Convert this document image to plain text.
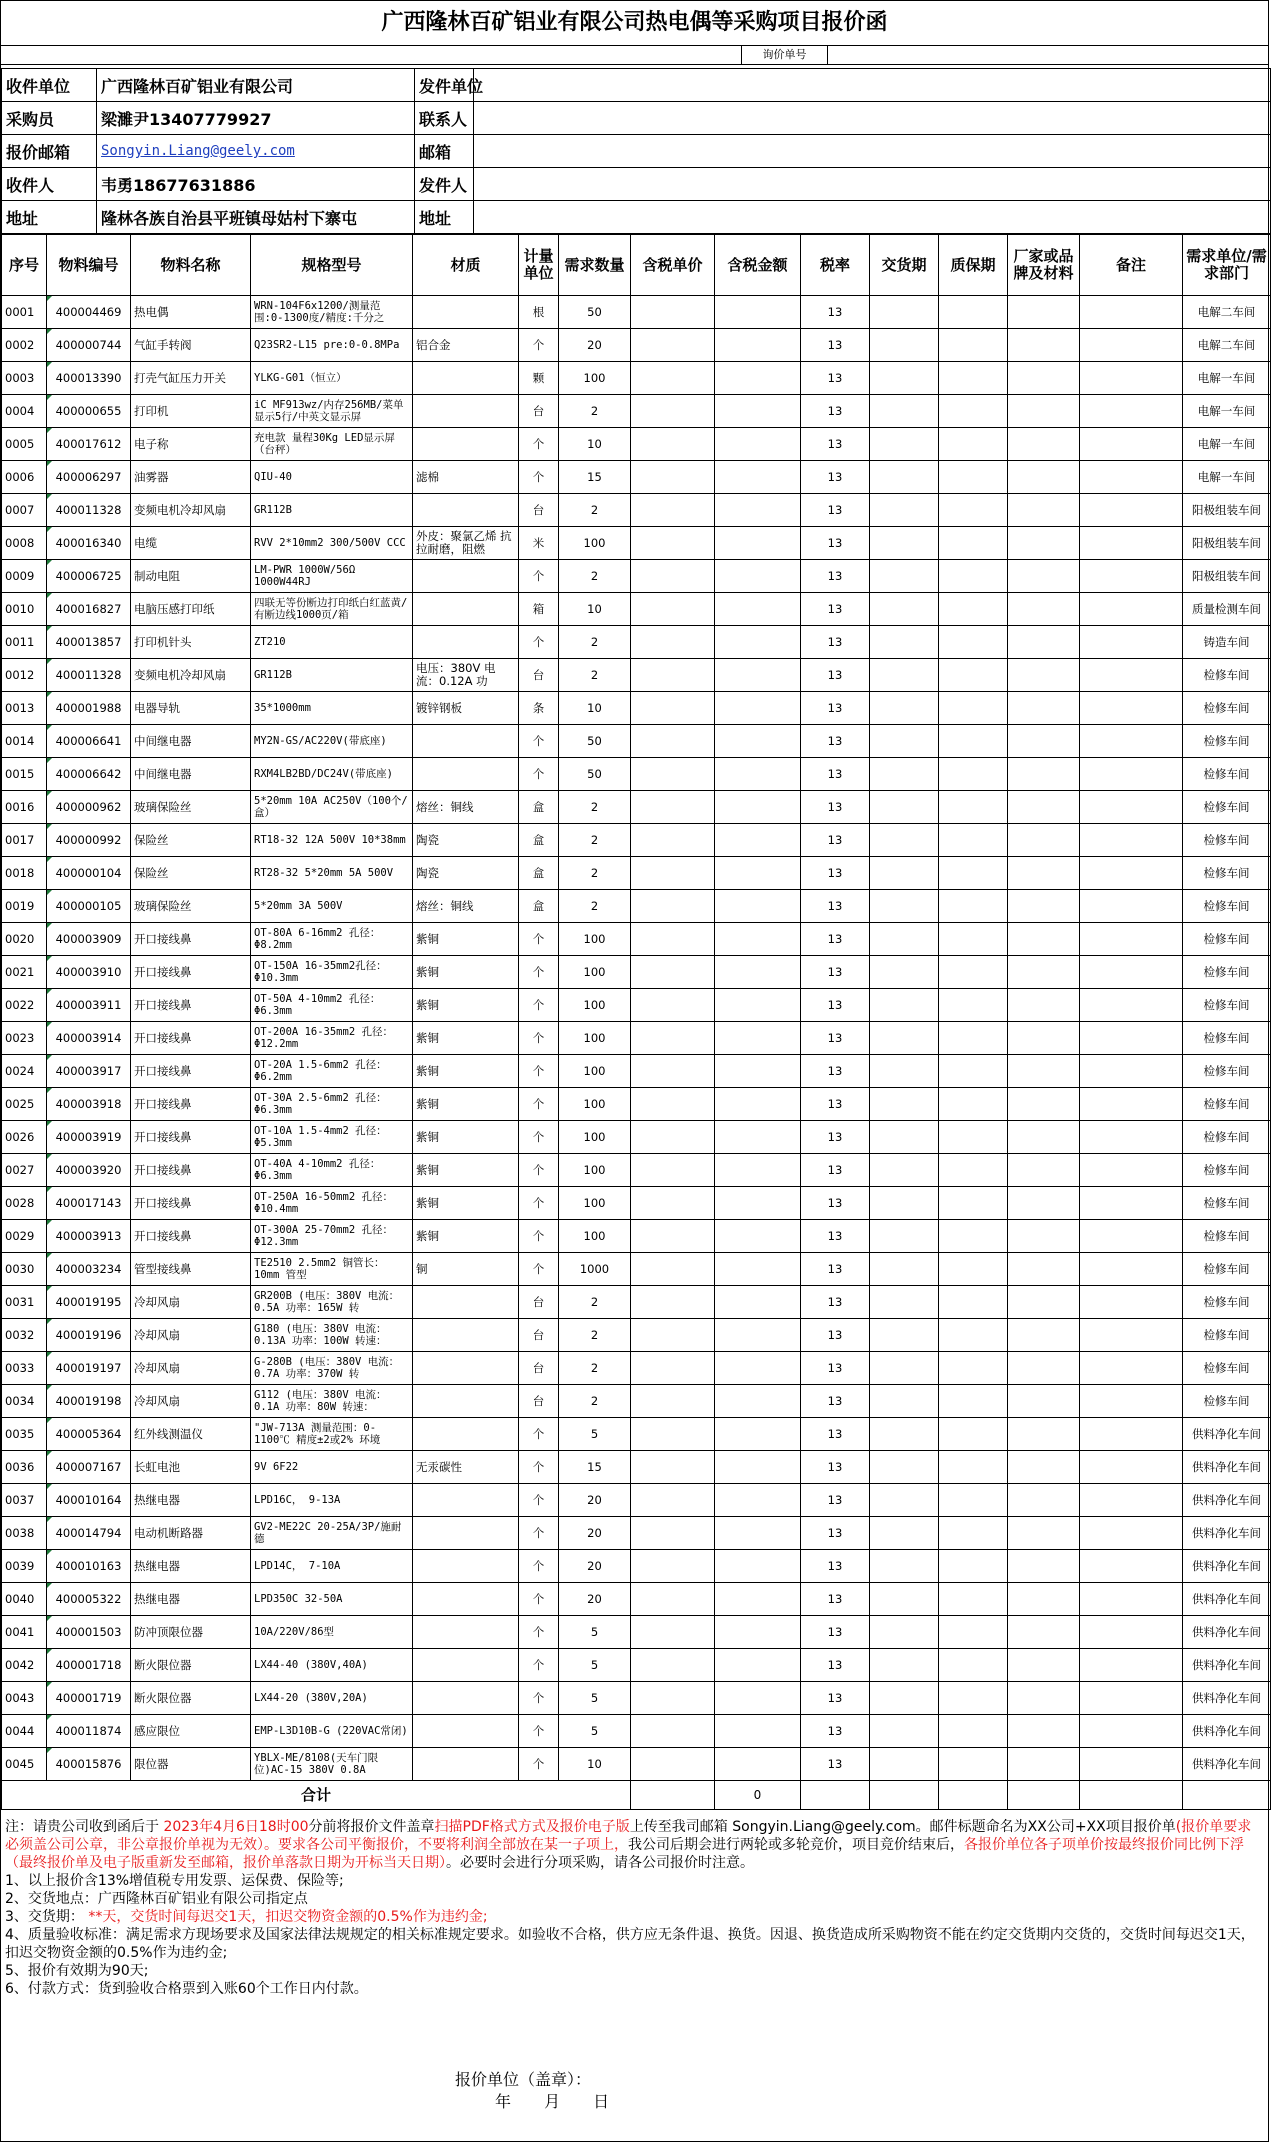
广西隆林百矿铝业有限公司热电偶等采购项目报价函
询价单号
收件单位	广西隆林百矿铝业有限公司	发件单位	
采购员	梁濉尹13407779927	联系人	
报价邮箱	Songyin.Liang@geely.com	邮箱	
收件人	韦勇18677631886	发件人	
地址	隆林各族自治县平班镇母姑村下寨屯	地址	
序号	物料编号	物料名称	规格型号	材质	计量单位	需求数量	含税单价	含税金额	税率	交货期	质保期	厂家或品牌及材料	备注	需求单位/需求部门
0001	400004469	热电偶	WRN-104F6x1200/测量范围:0-1300度/精度:千分之		根	50			13					电解二车间
0002	400000744	气缸手转阀	Q23SR2-L15 pre:0-0.8MPa	铝合金	个	20			13					电解二车间
0003	400013390	打壳气缸压力开关	YLKG-G01（恒立）		颗	100			13					电解一车间
0004	400000655	打印机	iC MF913wz/内存256MB/菜单显示5行/中英文显示屏		台	2			13					电解一车间
0005	400017612	电子称	充电款 量程30Kg LED显示屏（台秤）		个	10			13					电解一车间
0006	400006297	油雾器	QIU-40	滤棉	个	15			13					电解一车间
0007	400011328	变频电机冷却风扇	GR112B		台	2			13					阳极组装车间
0008	400016340	电缆	RVV 2*10mm2 300/500V CCC	外皮：聚氯乙烯 抗拉耐磨，阻燃	米	100			13					阳极组装车间
0009	400006725	制动电阻	LM-PWR 1000W/56Ω 1000W44RJ		个	2			13					阳极组装车间
0010	400016827	电脑压感打印纸	四联无等份断边打印纸白红蓝黄/有断边线1000页/箱		箱	10			13					质量检测车间
0011	400013857	打印机针头	ZT210		个	2			13					铸造车间
0012	400011328	变频电机冷却风扇	GR112B	电压：380V 电流：0.12A 功	台	2			13					检修车间
0013	400001988	电器导轨	35*1000mm	镀锌钢板	条	10			13					检修车间
0014	400006641	中间继电器	MY2N-GS/AC220V(带底座)		个	50			13					检修车间
0015	400006642	中间继电器	RXM4LB2BD/DC24V(带底座)		个	50			13					检修车间
0016	400000962	玻璃保险丝	5*20mm 10A AC250V（100个/盒）	熔丝：铜线	盒	2			13					检修车间
0017	400000992	保险丝	RT18-32 12A 500V 10*38mm	陶瓷	盒	2			13					检修车间
0018	400000104	保险丝	RT28-32 5*20mm 5A 500V	陶瓷	盒	2			13					检修车间
0019	400000105	玻璃保险丝	5*20mm 3A 500V	熔丝：铜线	盒	2			13					检修车间
0020	400003909	开口接线鼻	OT-80A 6-16mm2 孔径：Φ8.2mm	紫铜	个	100			13					检修车间
0021	400003910	开口接线鼻	OT-150A 16-35mm2孔径：Φ10.3mm	紫铜	个	100			13					检修车间
0022	400003911	开口接线鼻	OT-50A 4-10mm2 孔径：Φ6.3mm	紫铜	个	100			13					检修车间
0023	400003914	开口接线鼻	OT-200A 16-35mm2 孔径：Φ12.2mm	紫铜	个	100			13					检修车间
0024	400003917	开口接线鼻	OT-20A 1.5-6mm2 孔径：Φ6.2mm	紫铜	个	100			13					检修车间
0025	400003918	开口接线鼻	OT-30A 2.5-6mm2 孔径：Φ6.3mm	紫铜	个	100			13					检修车间
0026	400003919	开口接线鼻	OT-10A 1.5-4mm2 孔径：Φ5.3mm	紫铜	个	100			13					检修车间
0027	400003920	开口接线鼻	OT-40A 4-10mm2 孔径：Φ6.3mm	紫铜	个	100			13					检修车间
0028	400017143	开口接线鼻	OT-250A 16-50mm2 孔径：Φ10.4mm	紫铜	个	100			13					检修车间
0029	400003913	开口接线鼻	OT-300A 25-70mm2 孔径：Φ12.3mm	紫铜	个	100			13					检修车间
0030	400003234	管型接线鼻	TE2510 2.5mm2 铜管长：10mm 管型	铜	个	1000			13					检修车间
0031	400019195	冷却风扇	GR200B (电压：380V 电流：0.5A 功率：165W 转		台	2			13					检修车间
0032	400019196	冷却风扇	G180 (电压：380V 电流：0.13A 功率：100W 转速：		台	2			13					检修车间
0033	400019197	冷却风扇	G-280B (电压：380V 电流：0.7A 功率：370W 转		台	2			13					检修车间
0034	400019198	冷却风扇	G112 (电压：380V 电流：0.1A 功率：80W 转速：		台	2			13					检修车间
0035	400005364	红外线测温仪	"JW-713A 测量范围：0-1100℃ 精度±2或2% 环境		个	5			13					供料净化车间
0036	400007167	长虹电池	9V 6F22	无汞碳性	个	15			13					供料净化车间
0037	400010164	热继电器	LPD16C， 9-13A		个	20			13					供料净化车间
0038	400014794	电动机断路器	GV2-ME22C 20-25A/3P/施耐德		个	20			13					供料净化车间
0039	400010163	热继电器	LPD14C， 7-10A		个	20			13					供料净化车间
0040	400005322	热继电器	LPD350C 32-50A		个	20			13					供料净化车间
0041	400001503	防冲顶限位器	10A/220V/86型		个	5			13					供料净化车间
0042	400001718	断火限位器	LX44-40 (380V,40A)		个	5			13					供料净化车间
0043	400001719	断火限位器	LX44-20 (380V,20A)		个	5			13					供料净化车间
0044	400011874	感应限位	EMP-L3D10B-G (220VAC常闭)		个	5			13					供料净化车间
0045	400015876	限位器	YBLX-ME/8108(天车门限位)AC-15 380V 0.8A		个	10			13					供料净化车间
合计								0						

注：请贵公司收到函后于 2023年4月6日18时00分前将报价文件盖章扫描PDF格式方式及报价电子版上传至我司邮箱 Songyin.Liang@geely.com。邮件标题命名为XX公司+XX项目报价单(报价单要求必须盖公司公章，非公章报价单视为无效）。要求各公司平衡报价，不要将利润全部放在某一子项上，我公司后期会进行两轮或多轮竞价，项目竞价结束后，各报价单位各子项单价按最终报价同比例下浮（最终报价单及电子版重新发至邮箱，报价单落款日期为开标当天日期）。必要时会进行分项采购，请各公司报价时注意。

1、以上报价含13%增值税专用发票、运保费、保险等;

2、交货地点：广西隆林百矿铝业有限公司指定点

3、交货期： **天，交货时间每迟交1天，扣迟交物资金额的0.5%作为违约金;

4、质量验收标准：满足需求方现场要求及国家法律法规规定的相关标准规定要求。如验收不合格，供方应无条件退、换货。因退、换货造成所采购物资不能在约定交货期内交货的，交货时间每迟交1天，扣迟交物资金额的0.5%作为违约金;

5、报价有效期为90天;

6、付款方式：货到验收合格票到入账60个工作日内付款。

报价单位（盖章）：
年 月 日
